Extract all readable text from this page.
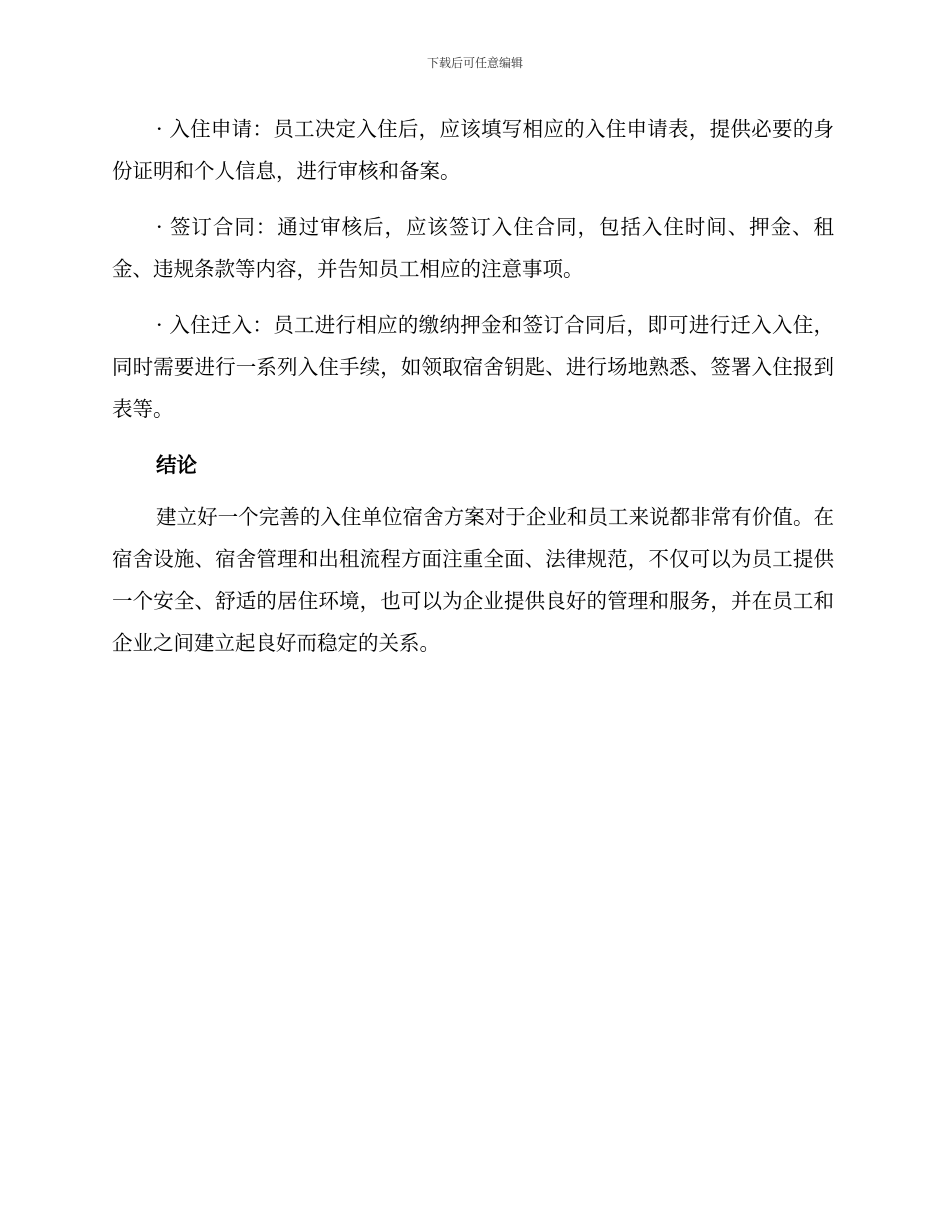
下载后可任意编辑

· 入住申请：员工决定入住后，应该填写相应的入住申请表，提供必要的身份证明和个人信息，进行审核和备案。

· 签订合同：通过审核后，应该签订入住合同，包括入住时间、押金、租金、违规条款等内容，并告知员工相应的注意事项。

· 入住迁入：员工进行相应的缴纳押金和签订合同后，即可进行迁入入住，同时需要进行一系列入住手续，如领取宿舍钥匙、进行场地熟悉、签署入住报到表等。

结论

建立好一个完善的入住单位宿舍方案对于企业和员工来说都非常有价值。在宿舍设施、宿舍管理和出租流程方面注重全面、法律规范，不仅可以为员工提供一个安全、舒适的居住环境，也可以为企业提供良好的管理和服务，并在员工和企业之间建立起良好而稳定的关系。
